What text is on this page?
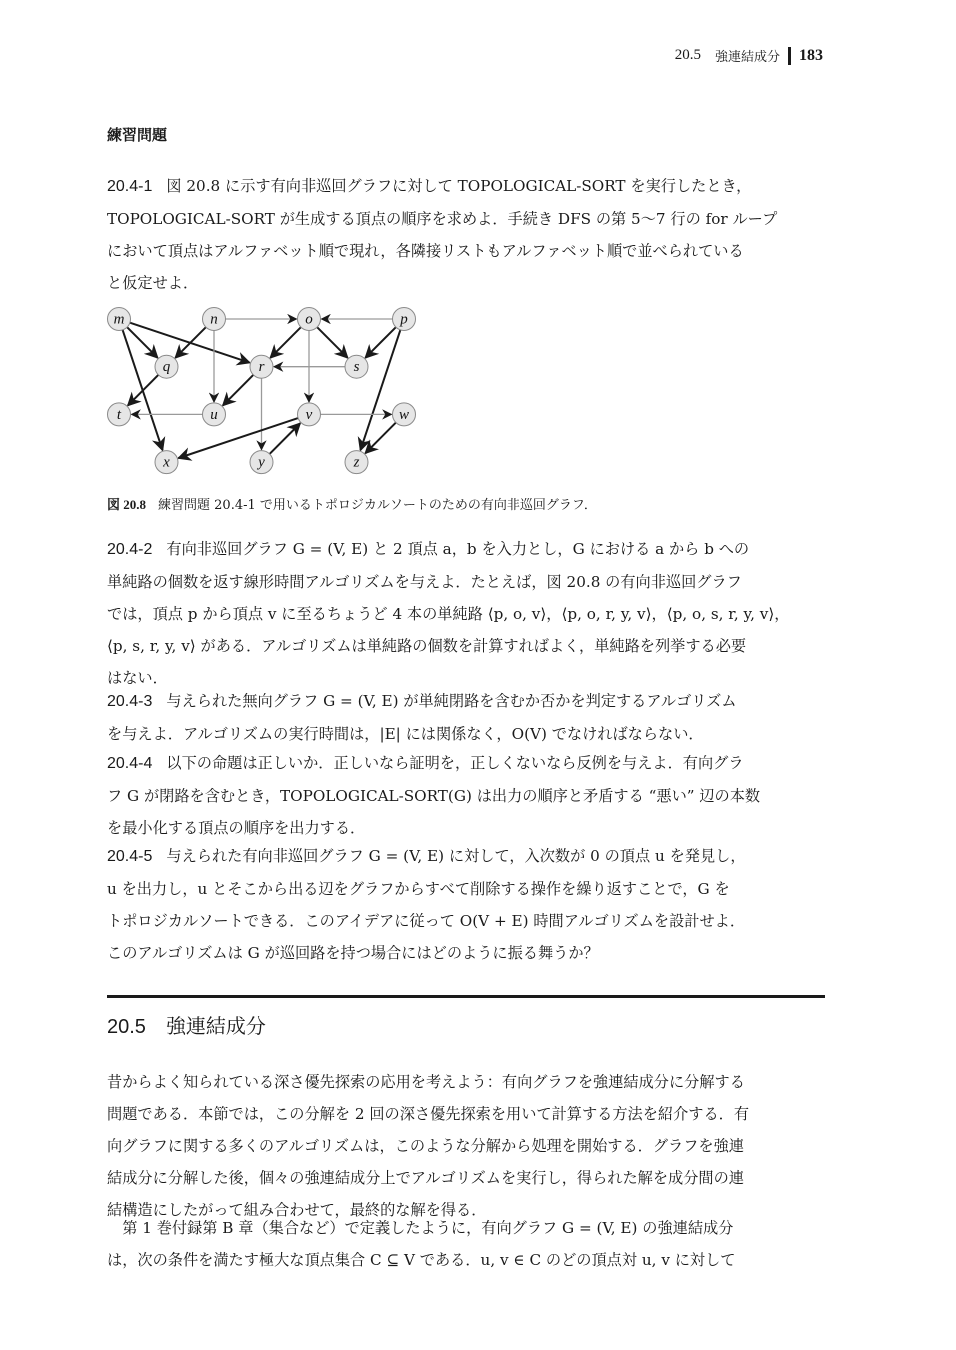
20.5 強連結成分 183
練習問題
20.4-1 図 20.8 に示す有向非巡回グラフに対して TOPOLOGICAL-SORT を実行したとき，
TOPOLOGICAL-SORT が生成する頂点の順序を求めよ．手続き DFS の第 5〜7 行の for ループ
において頂点はアルファベット順で現れ，各隣接リストもアルファベット順で並べられている
と仮定せよ．
m	n	o	p
q	r	s
t	u	v	w
x	y	z
図 20.8 練習問題 20.4-1 で用いるトポロジカルソートのための有向非巡回グラフ．
20.4-2 有向非巡回グラフ G = (V, E) と 2 頂点 a，b を入力とし，G における a から b への
単純路の個数を返す線形時間アルゴリズムを与えよ．たとえば，図 20.8 の有向非巡回グラフ
では，頂点 p から頂点 v に至るちょうど 4 本の単純路 ⟨p, o, v⟩，⟨p, o, r, y, v⟩，⟨p, o, s, r, y, v⟩，
⟨p, s, r, y, v⟩ がある．アルゴリズムは単純路の個数を計算すればよく，単純路を列挙する必要
はない．
20.4-3 与えられた無向グラフ G = (V, E) が単純閉路を含むか否かを判定するアルゴリズム
を与えよ．アルゴリズムの実行時間は，|E| には関係なく，O(V) でなければならない．
20.4-4 以下の命題は正しいか．正しいなら証明を，正しくないなら反例を与えよ．有向グラ
フ G が閉路を含むとき，TOPOLOGICAL-SORT(G) は出力の順序と矛盾する “悪い” 辺の本数
を最小化する頂点の順序を出力する．
20.4-5 与えられた有向非巡回グラフ G = (V, E) に対して，入次数が 0 の頂点 u を発見し，
u を出力し，u とそこから出る辺をグラフからすべて削除する操作を繰り返すことで，G を
トポロジカルソートできる．このアイデアに従って O(V + E) 時間アルゴリズムを設計せよ．
このアルゴリズムは G が巡回路を持つ場合にはどのように振る舞うか？
20.5 強連結成分
昔からよく知られている深さ優先探索の応用を考えよう：有向グラフを強連結成分に分解する
問題である．本節では，この分解を 2 回の深さ優先探索を用いて計算する方法を紹介する．有
向グラフに関する多くのアルゴリズムは，このような分解から処理を開始する．グラフを強連
結成分に分解した後，個々の強連結成分上でアルゴリズムを実行し，得られた解を成分間の連
結構造にしたがって組み合わせて，最終的な解を得る．
　第 1 巻付録第 B 章（集合など）で定義したように，有向グラフ G = (V, E) の強連結成分
は，次の条件を満たす極大な頂点集合 C ⊆ V である．u, v ∈ C のどの頂点対 u, v に対して
